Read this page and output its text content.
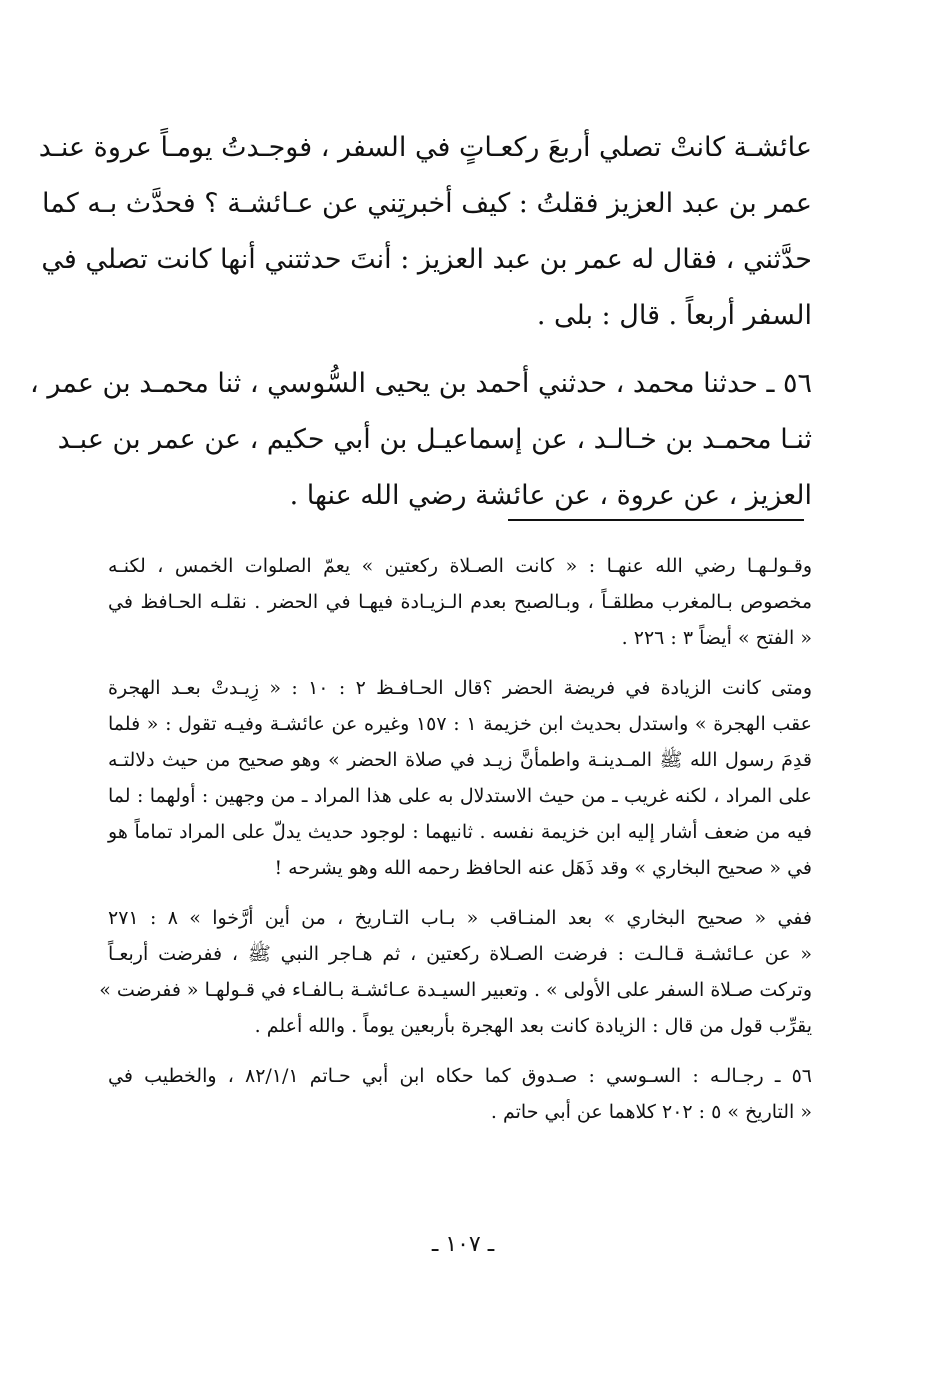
عائشـة كانتْ تصلي أربعَ ركعـاتٍ في السفر ، فوجـدتُ يومـاً عروة عنـد
عمر بن عبد العزيز فقلتُ : كيف أخبرتِني عن عـائشـة ؟ فحدَّث بـه كما
حدَّثني ، فقال له عمر بن عبد العزيز : أنتَ حدثتني أنها كانت تصلي في
السفر أربعاً . قال : بلى .
٥٦ ـ حدثنا محمد ، حدثني أحمد بن يحيى السُّوسي ، ثنا محمـد بن عمر ،
ثنـا محمـد بن خـالـد ، عن إسماعيـل بن أبي حكيم ، عن عمر بن عبـد
العزيز ، عن عروة ، عن عائشة رضي الله عنها .
وقـولـهـا رضي الله عنهـا : « كانت الصـلاة ركعتين » يعمّ الصلوات الخمس ، لكنـه
مخصوص بـالمغرب مطلقـاً ، وبـالصبح بعدم الـزيـادة فيهـا في الحضر . نقلـه الحـافظ في
« الفتح » أيضاً ٣ : ٢٢٦ .
ومتى كانت الزيادة في فريضة الحضر ؟قال الحـافـظ ٢ : ١٠ : « زِيـدتْ بعـد الهجرة
عقب الهجرة » واستدل بحديث ابن خزيمة ١ : ١٥٧ وغيره عن عائشـة وفيـه تقول : « فلما
قدِمَ رسول الله ﷺ المـدينـة واطمأنَّ زيـد في صلاة الحضر » وهو صحيح من حيث دلالتـه
على المراد ، لكنه غريب ـ من حيث الاستدلال به على هذا المراد ـ من وجهين : أولهما : لما
فيه من ضعف أشار إليه ابن خزيمة نفسه . ثانيهما : لوجود حديث يدلّ على المراد تماماً هو
في « صحيح البخاري » وقد ذَهَل عنه الحافظ رحمه الله وهو يشرحه !
ففي « صحيح البخاري » بعد المنـاقب « بـاب التـاريخ ، من أين أرَّخوا » ٨ : ٢٧١
« عن عـائشـة قـالـت : فرضت الصـلاة ركعتين ، ثم هـاجر النبي ﷺ ، ففرضت أربعـاً
وتركت صـلاة السفر على الأولى » . وتعبير السيـدة عـائشـة بـالفـاء في قـولهـا « ففرضت »
يقرِّب قول من قال : الزيادة كانت بعد الهجرة بأربعين يوماً . والله أعلم .
٥٦ ـ رجـالـه : السـوسي : صـدوق كما حكاه ابن أبي حـاتم ٨٢/١/١ ، والخطيب في
« التاريخ » ٥ : ٢٠٢ كلاهما عن أبي حاتم .
ـ ١٠٧ ـ
